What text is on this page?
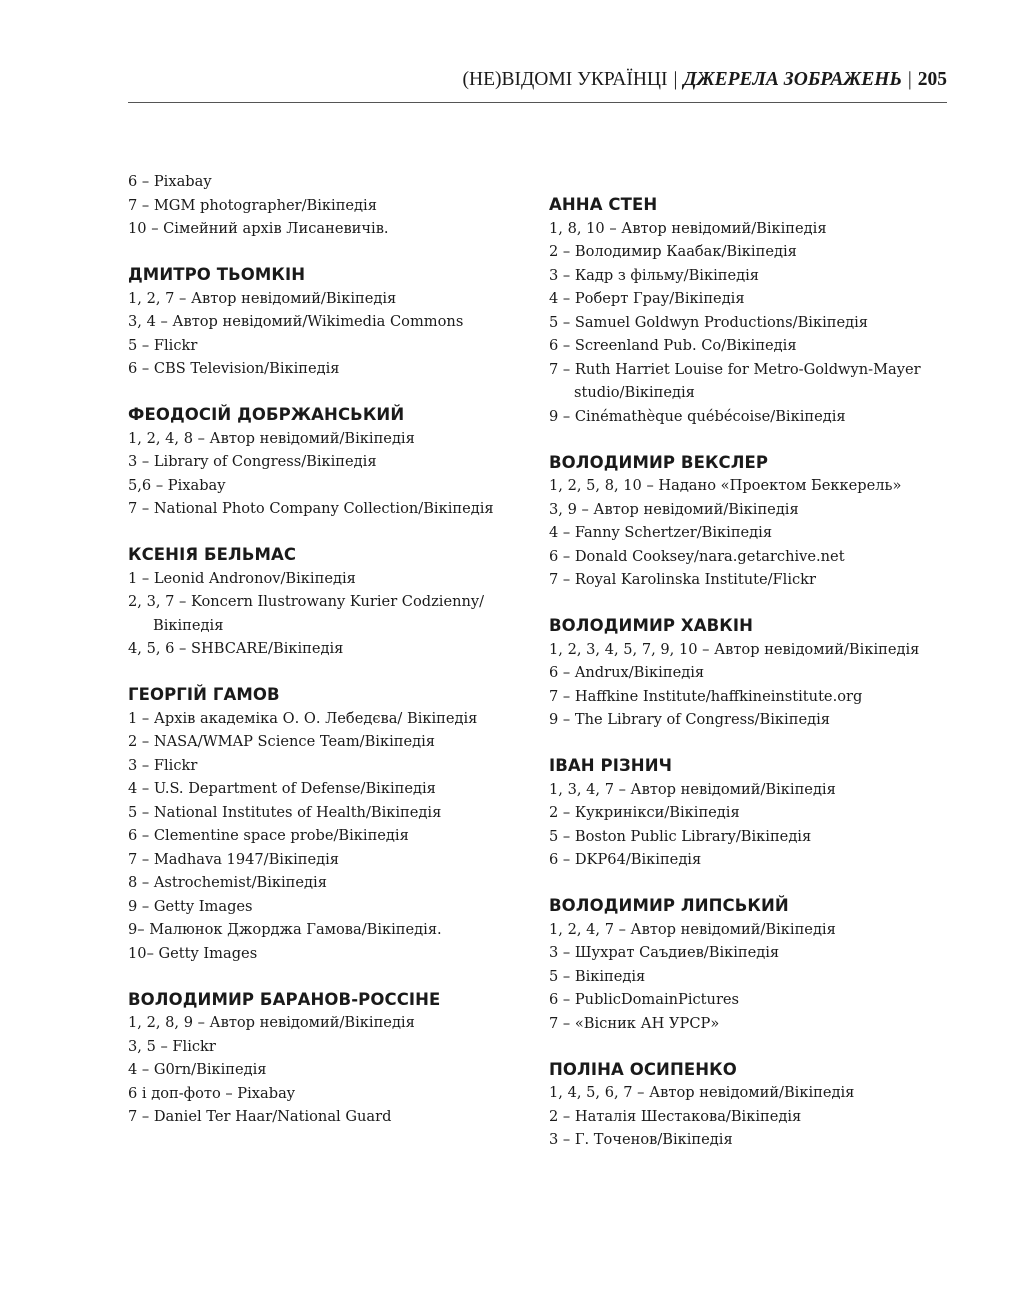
(НЕ)ВІДОМІ УКРАЇНЦІ | ДЖЕРЕЛА ЗОБРАЖЕНЬ | 205
6 – Pixabay
7 – MGM photographer/Вікіпедія
10 – Сімейний архів Лисаневичів.
ДМИТРО ТЬОМКІН
1, 2, 7 – Автор невідомий/Вікіпедія
3, 4 – Автор невідомий/Wikimedia Commons
5 – Flickr
6 – CBS Television/Вікіпедія
ФЕОДОСІЙ ДОБРЖАНСЬКИЙ
1, 2, 4, 8 – Автор невідомий/Вікіпедія
3 – Library of Congress/Вікіпедія
5,6 – Pixabay
7 – National Photo Company Collection/Вікіпедія
КСЕНІЯ БЕЛЬМАС
1 – Leonid Andronov/Вікіпедія
2, 3, 7 – Koncern Ilustrowany Kurier Codzienny/ Вікіпедія
4, 5, 6 – SHBCARE/Вікіпедія
ГЕОРГІЙ ГАМОВ
1 – Архів академіка О. О. Лебедєва/ Вікіпедія
2 – NASA/WMAP Science Team/Вікіпедія
3 – Flickr
4 – U.S. Department of Defense/Вікіпедія
5 – National Institutes of Health/Вікіпедія
6 – Clementine space probe/Вікіпедія
7 – Madhava 1947/Вікіпедія
8 – Astrochemist/Вікіпедія
9 – Getty Images
9– Малюнок Джорджа Гамова/Вікіпедія.
10– Getty Images
ВОЛОДИМИР БАРАНОВ-РОССІНЕ
1, 2, 8, 9 – Автор невідомий/Вікіпедія
3, 5 – Flickr
4 – G0rn/Вікіпедія
6 і доп-фото – Pixabay
7 – Daniel Ter Haar/National Guard
АННА СТЕН
1, 8, 10 – Автор невідомий/Вікіпедія
2 – Володимир Каабак/Вікіпедія
3 – Кадр з фільму/Вікіпедія
4 – Роберт Грау/Вікіпедія
5 – Samuel Goldwyn Productions/Вікіпедія
6 – Screenland Pub. Co/Вікіпедія
7 – Ruth Harriet Louise for Metro-Goldwyn-Mayer studio/Вікіпедія
9 – Cinémathèque québécoise/Вікіпедія
ВОЛОДИМИР ВЕКСЛЕР
1, 2, 5, 8, 10 – Надано «Проектом Беккерель»
3, 9 – Автор невідомий/Вікіпедія
4 – Fanny Schertzer/Вікіпедія
6 – Donald Cooksey/nara.getarchive.net
7 – Royal Karolinska Institute/Flickr
ВОЛОДИМИР ХАВКІН
1, 2, 3, 4, 5, 7, 9, 10 – Автор невідомий/Вікіпедія
6 – Andrux/Вікіпедія
7 – Haffkine Institute/haffkineinstitute.org
9 – The Library of Congress/Вікіпедія
ІВАН РІЗНИЧ
1, 3, 4, 7 – Автор невідомий/Вікіпедія
2 – Кукринікси/Вікіпедія
5 – Boston Public Library/Вікіпедія
6 – DKP64/Вікіпедія
ВОЛОДИМИР ЛИПСЬКИЙ
1, 2, 4, 7 – Автор невідомий/Вікіпедія
3 – Шухрат Саъдиев/Вікіпедія
5 – Вікіпедія
6 – PublicDomainPictures
7 – «Вісник АН УРСР»
ПОЛІНА ОСИПЕНКО
1, 4, 5, 6, 7 – Автор невідомий/Вікіпедія
2 – Наталія Шестакова/Вікіпедія
3 – Г. Точенов/Вікіпедія
